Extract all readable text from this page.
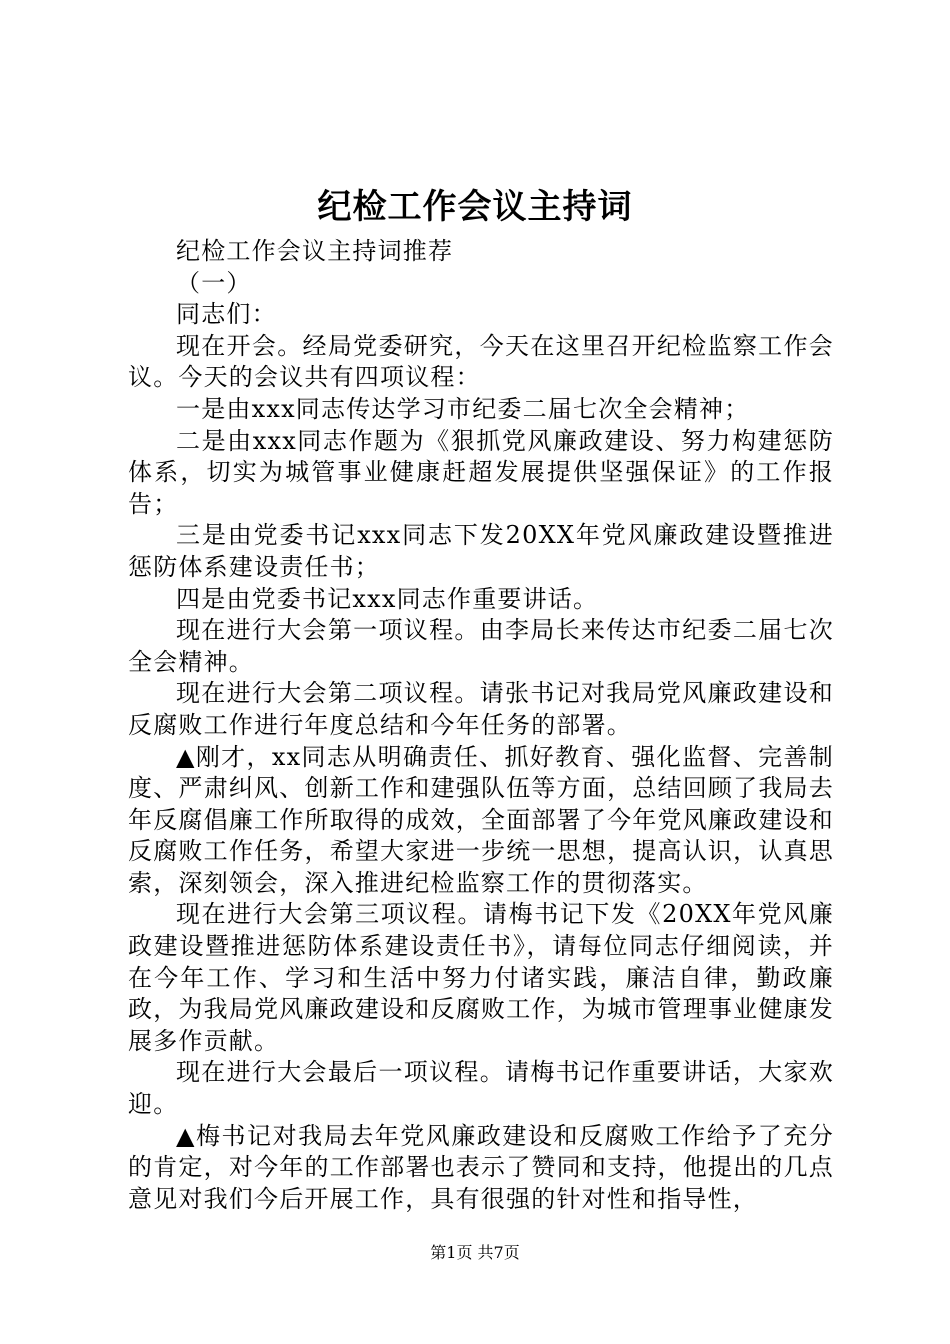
纪检工作会议主持词

纪检工作会议主持词推荐

（一）

同志们：

现在开会。经局党委研究，今天在这里召开纪检监察工作会议。今天的会议共有四项议程：

一是由xxx同志传达学习市纪委二届七次全会精神；

二是由xxx同志作题为《狠抓党风廉政建设、努力构建惩防体系，切实为城管事业健康赶超发展提供坚强保证》的工作报告；

三是由党委书记xxx同志下发20XX年党风廉政建设暨推进惩防体系建设责任书；

四是由党委书记xxx同志作重要讲话。

现在进行大会第一项议程。由李局长来传达市纪委二届七次全会精神。

现在进行大会第二项议程。请张书记对我局党风廉政建设和反腐败工作进行年度总结和今年任务的部署。

▲刚才，xx同志从明确责任、抓好教育、强化监督、完善制度、严肃纠风、创新工作和建强队伍等方面，总结回顾了我局去年反腐倡廉工作所取得的成效，全面部署了今年党风廉政建设和反腐败工作任务，希望大家进一步统一思想，提高认识，认真思索，深刻领会，深入推进纪检监察工作的贯彻落实。

现在进行大会第三项议程。请梅书记下发《20XX年党风廉政建设暨推进惩防体系建设责任书》，请每位同志仔细阅读，并在今年工作、学习和生活中努力付诸实践，廉洁自律，勤政廉政，为我局党风廉政建设和反腐败工作，为城市管理事业健康发展多作贡献。

现在进行大会最后一项议程。请梅书记作重要讲话，大家欢迎。

▲梅书记对我局去年党风廉政建设和反腐败工作给予了充分的肯定，对今年的工作部署也表示了赞同和支持，他提出的几点意见对我们今后开展工作，具有很强的针对性和指导性，

第1页 共7页
